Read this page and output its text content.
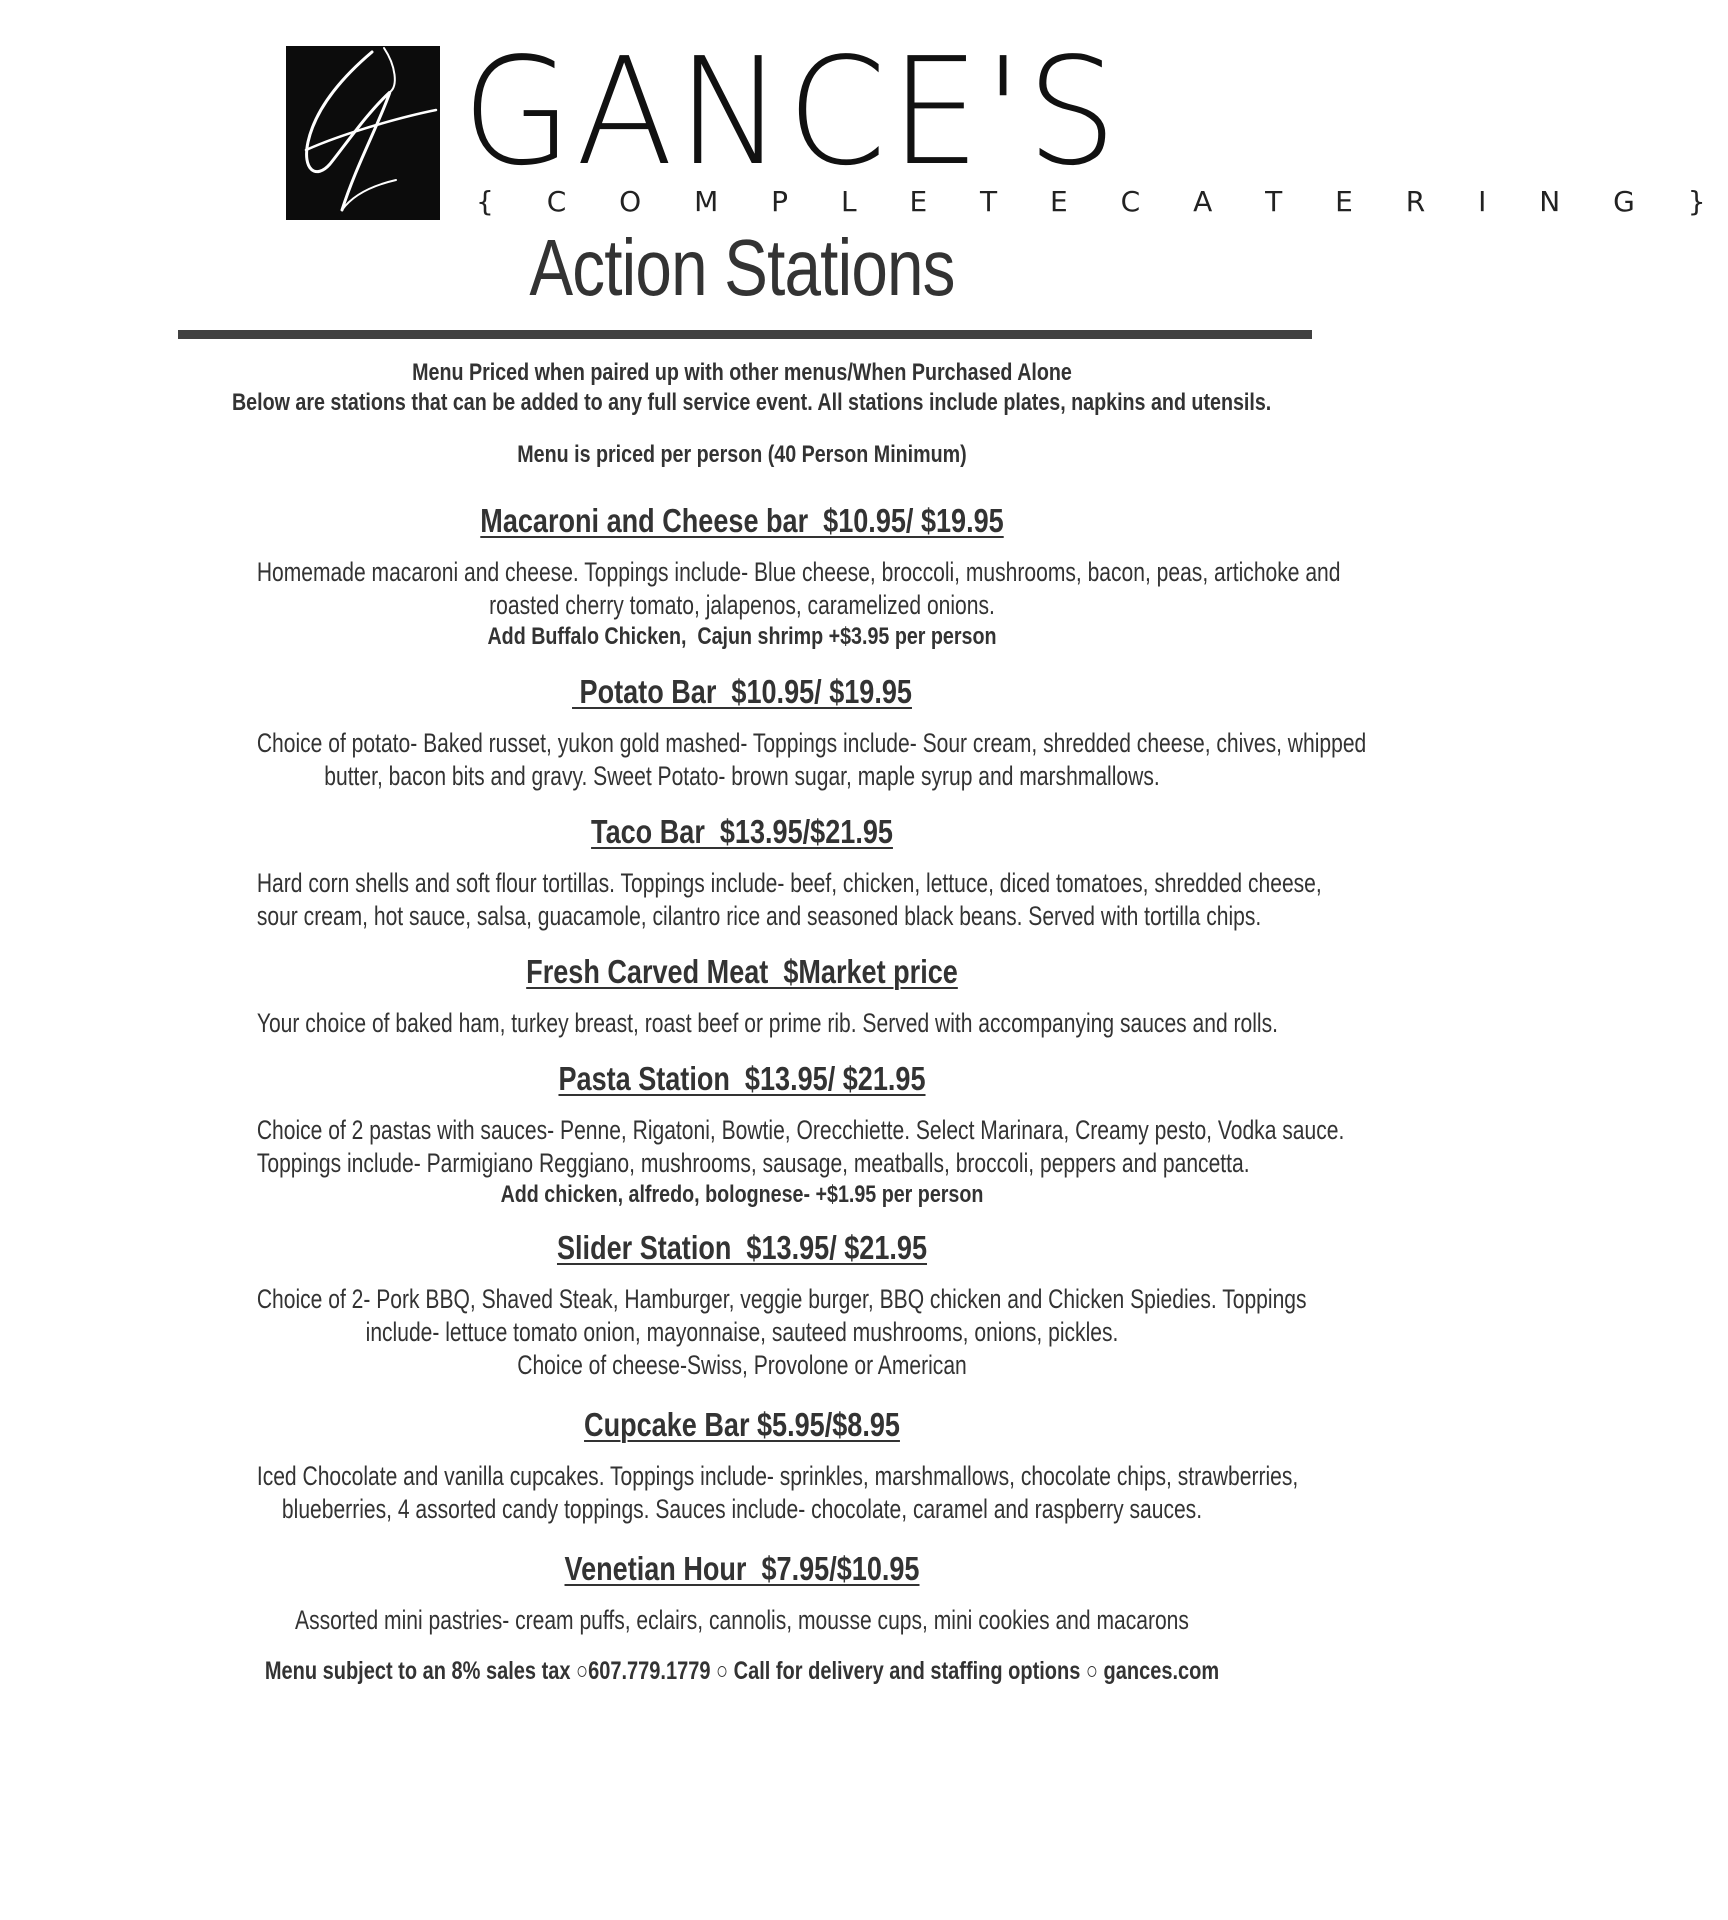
GANCE'S
{ C O M P L E T E C A T E R I N G }
Action Stations
Menu Priced when paired up with other menus/When Purchased Alone
Below are stations that can be added to any full service event. All stations include plates, napkins and utensils.
Menu is priced per person (40 Person Minimum)
Macaroni and Cheese bar  $10.95/ $19.95
Homemade macaroni and cheese. Toppings include- Blue cheese, broccoli, mushrooms, bacon, peas, artichoke and
roasted cherry tomato, jalapenos, caramelized onions.
Add Buffalo Chicken,  Cajun shrimp +$3.95 per person
Potato Bar  $10.95/ $19.95
Choice of potato- Baked russet, yukon gold mashed- Toppings include- Sour cream, shredded cheese, chives, whipped
butter, bacon bits and gravy. Sweet Potato- brown sugar, maple syrup and marshmallows.
Taco Bar  $13.95/$21.95
Hard corn shells and soft flour tortillas. Toppings include- beef, chicken, lettuce, diced tomatoes, shredded cheese,
sour cream, hot sauce, salsa, guacamole, cilantro rice and seasoned black beans. Served with tortilla chips.
Fresh Carved Meat  $Market price
Your choice of baked ham, turkey breast, roast beef or prime rib. Served with accompanying sauces and rolls.
Pasta Station  $13.95/ $21.95
Choice of 2 pastas with sauces- Penne, Rigatoni, Bowtie, Orecchiette. Select Marinara, Creamy pesto, Vodka sauce.
Toppings include- Parmigiano Reggiano, mushrooms, sausage, meatballs, broccoli, peppers and pancetta.
Add chicken, alfredo, bolognese- +$1.95 per person
Slider Station  $13.95/ $21.95
Choice of 2- Pork BBQ, Shaved Steak, Hamburger, veggie burger, BBQ chicken and Chicken Spiedies. Toppings
include- lettuce tomato onion, mayonnaise, sauteed mushrooms, onions, pickles.
Choice of cheese-Swiss, Provolone or American
Cupcake Bar $5.95/$8.95
Iced Chocolate and vanilla cupcakes. Toppings include- sprinkles, marshmallows, chocolate chips, strawberries,
blueberries, 4 assorted candy toppings. Sauces include- chocolate, caramel and raspberry sauces.
Venetian Hour  $7.95/$10.95
Assorted mini pastries- cream puffs, eclairs, cannolis, mousse cups, mini cookies and macarons
Menu subject to an 8% sales tax ○607.779.1779 ○ Call for delivery and staffing options ○ gances.com
